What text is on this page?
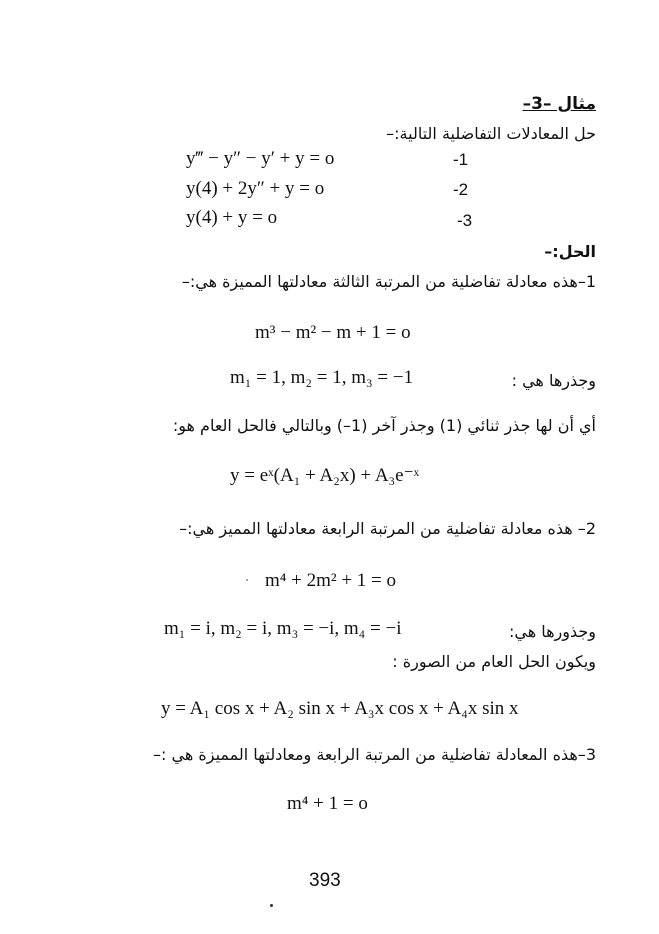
مثال –3–
حل المعادلات التفاضلية التالية:–
y‴ − y″ − y′ + y = o	-1
y(4) + 2y″ + y = o	-2
y(4) + y = o	-3
الحل:–
1–هذه معادلة تفاضلية من المرتبة الثالثة معادلتها المميزة هي:–
m³ − m² − m + 1 = o
m₁ = 1, m₂ = 1, m₃ = −1	وجذرها هي :
أي أن لها جذر ثنائي (1) وجذر آخر (1–) وبالتالي فالحل العام هو:
y = eˣ(A₁ + A₂x) + A₃e⁻ˣ
2– هذه معادلة تفاضلية من المرتبة الرابعة معادلتها المميز هي:–
m⁴ + 2m² + 1 = o
m₁ = i, m₂ = i, m₃ = −i, m₄ = −i	وجذورها هي:
ويكون الحل العام من الصورة :
y = A₁ cos x + A₂ sin x + A₃x cos x + A₄x sin x
3–هذه المعادلة تفاضلية من المرتبة الرابعة ومعادلتها المميزة هي :–
m⁴ + 1 = o
393
